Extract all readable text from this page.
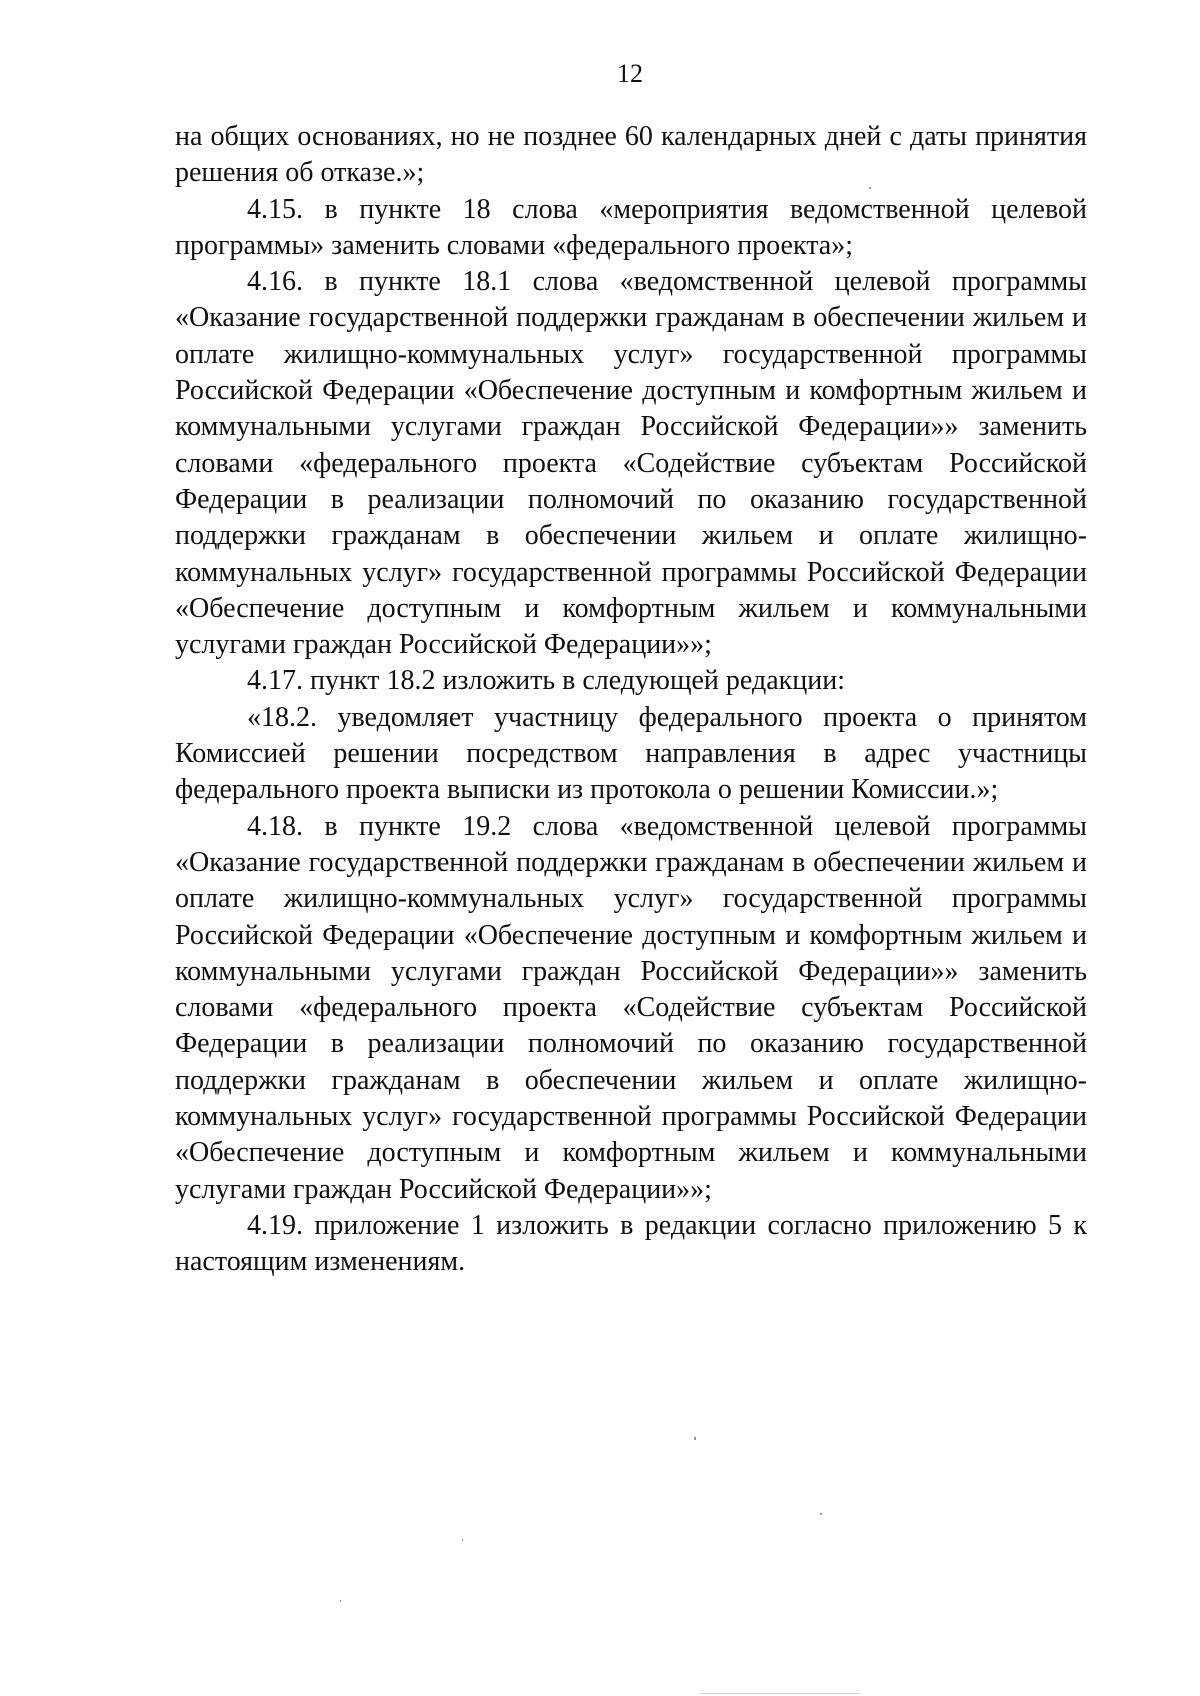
12

на общих основаниях, но не позднее 60 календарных дней с даты принятия решения об отказе.»;

4.15. в пункте 18 слова «мероприятия ведомственной целевой программы» заменить словами «федерального проекта»;

4.16. в пункте 18.1 слова «ведомственной целевой программы «Оказание государственной поддержки гражданам в обеспечении жильем и оплате жилищно-коммунальных услуг» государственной программы Российской Федерации «Обеспечение доступным и комфортным жильем и коммунальными услугами граждан Российской Федерации»» заменить словами «федерального проекта «Содействие субъектам Российской Федерации в реализации полномочий по оказанию государственной поддержки гражданам в обеспечении жильем и оплате жилищно-коммунальных услуг» государственной программы Российской Федерации «Обеспечение доступным и комфортным жильем и коммунальными услугами граждан Российской Федерации»»;

4.17. пункт 18.2 изложить в следующей редакции:

«18.2. уведомляет участницу федерального проекта о принятом Комиссией решении посредством направления в адрес участницы федерального проекта выписки из протокола о решении Комиссии.»;

4.18. в пункте 19.2 слова «ведомственной целевой программы «Оказание государственной поддержки гражданам в обеспечении жильем и оплате жилищно-коммунальных услуг» государственной программы Российской Федерации «Обеспечение доступным и комфортным жильем и коммунальными услугами граждан Российской Федерации»» заменить словами «федерального проекта «Содействие субъектам Российской Федерации в реализации полномочий по оказанию государственной поддержки гражданам в обеспечении жильем и оплате жилищно-коммунальных услуг» государственной программы Российской Федерации «Обеспечение доступным и комфортным жильем и коммунальными услугами граждан Российской Федерации»»;

4.19. приложение 1 изложить в редакции согласно приложению 5 к настоящим изменениям.
